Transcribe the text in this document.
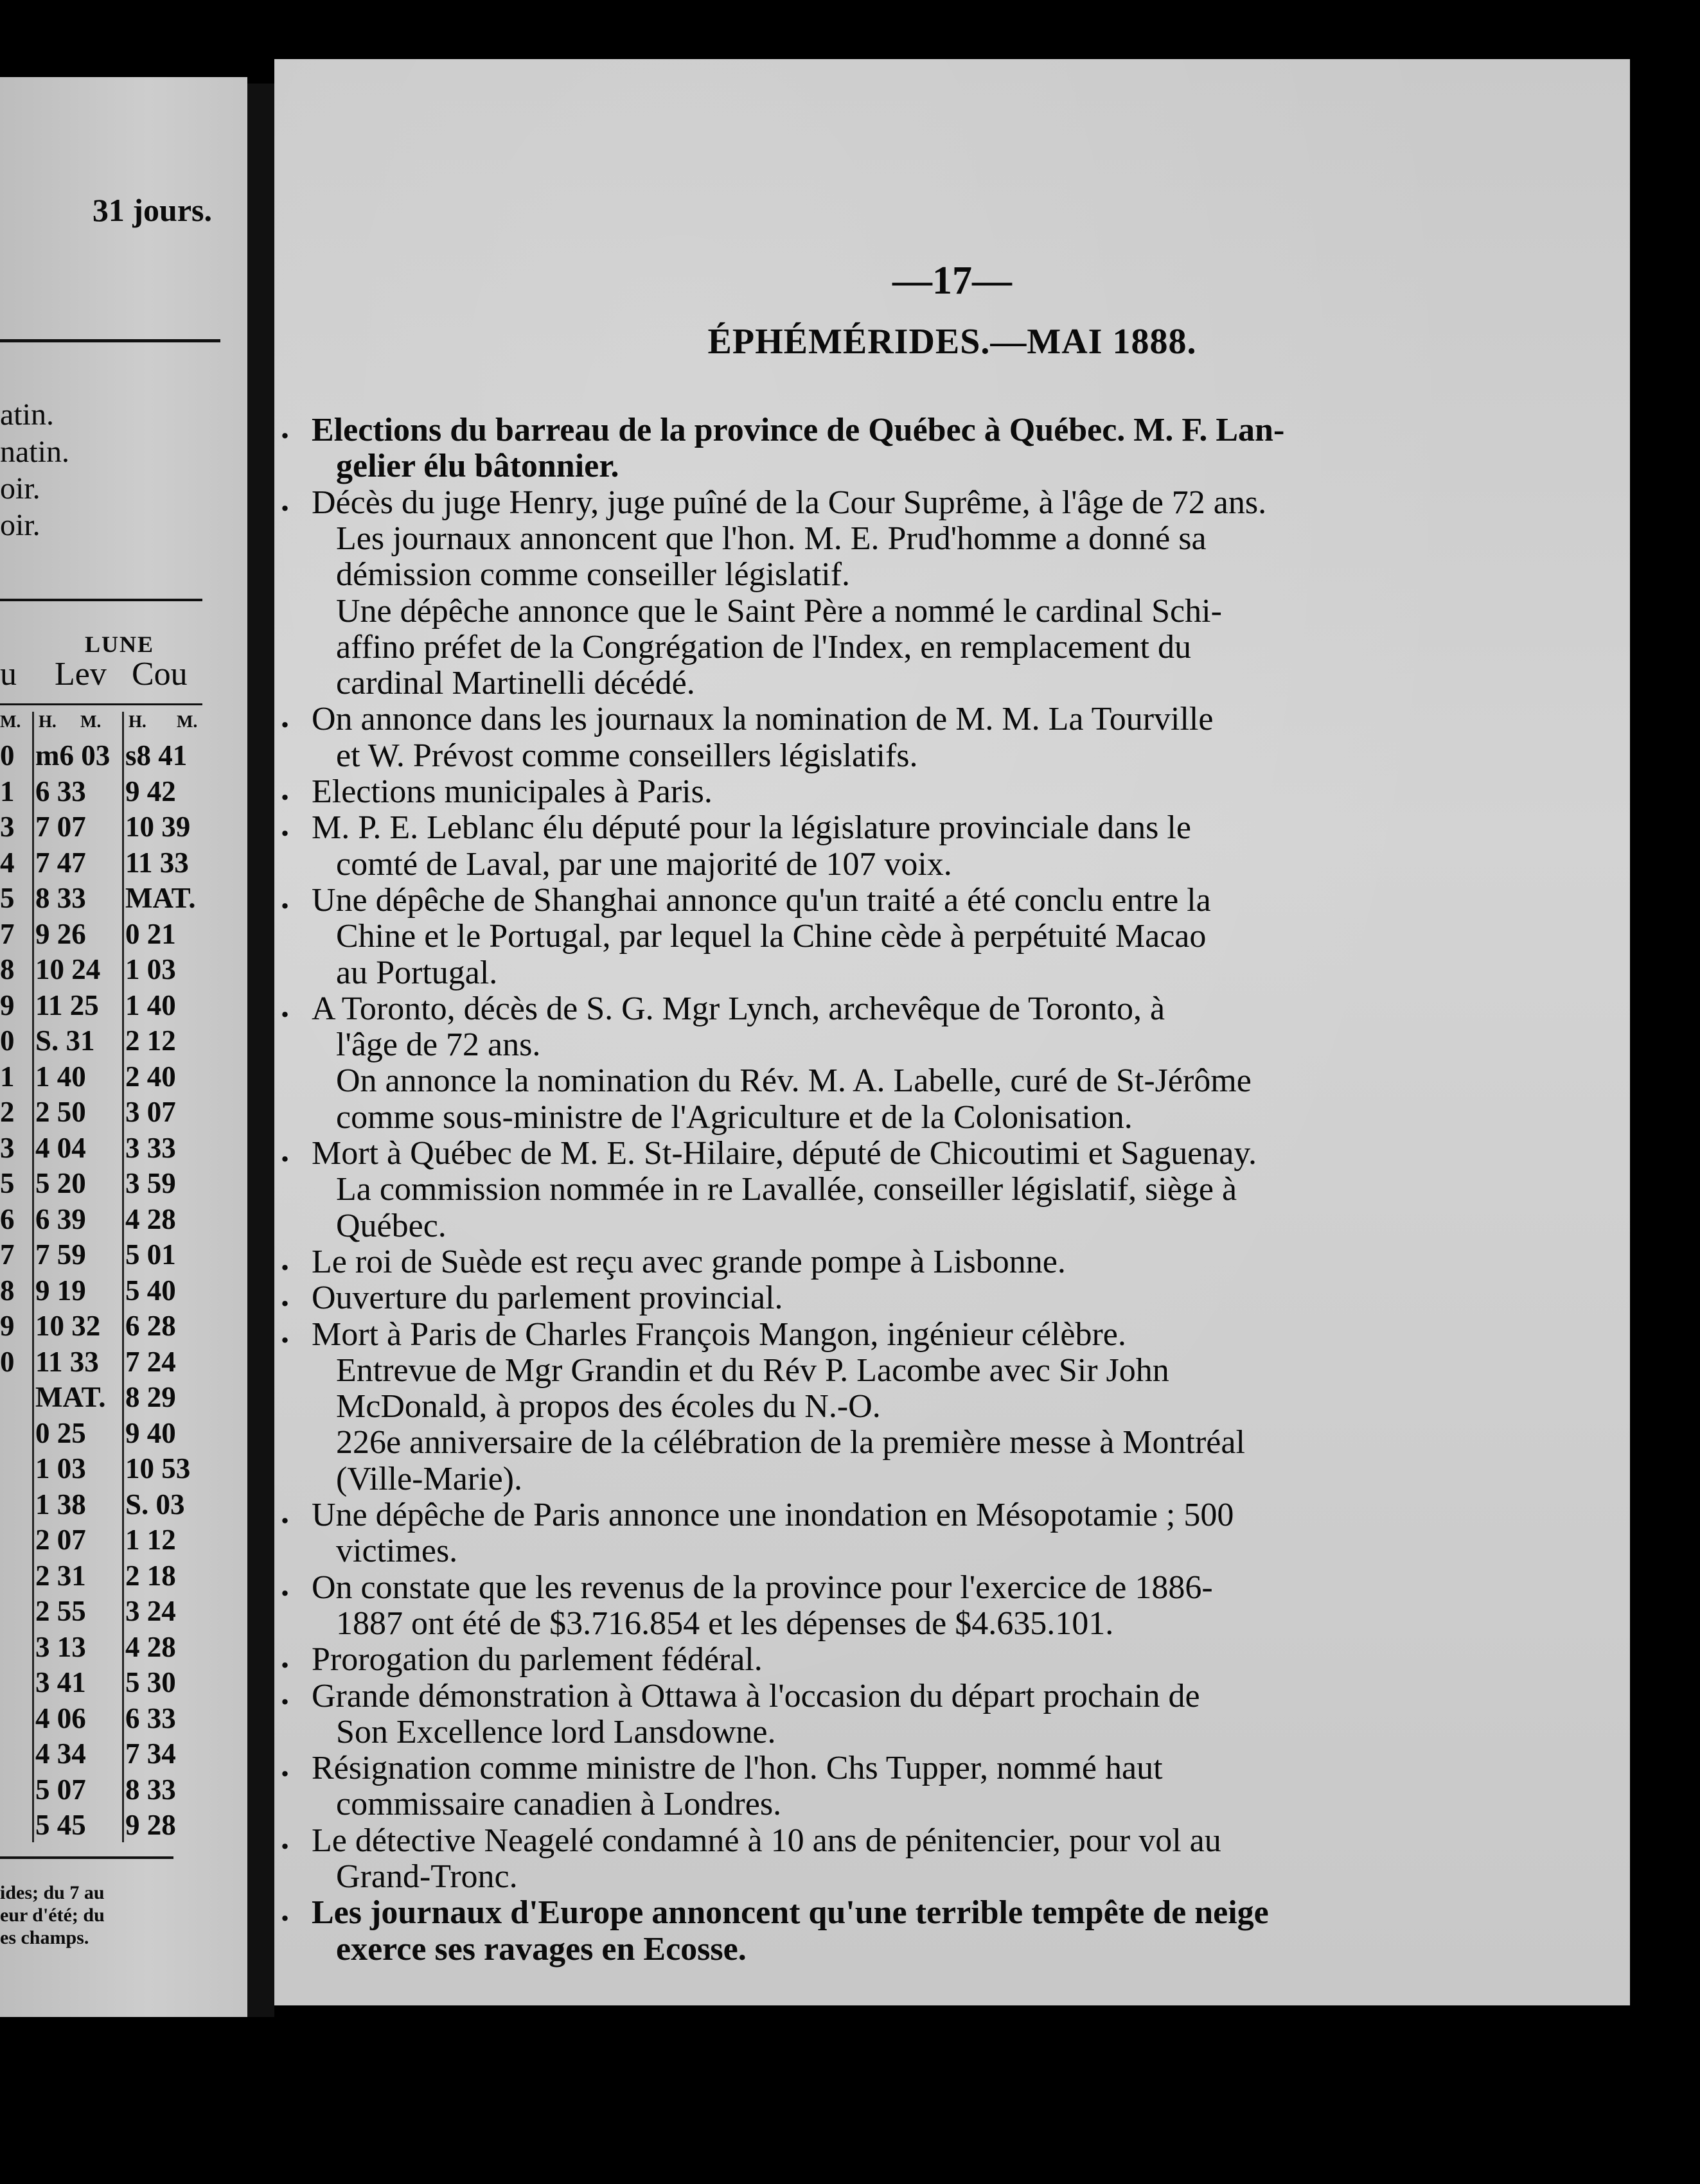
31 jours.
atin.
natin.
oir.
oir.
LUNE
u Lev Cou
M. H. M. H. M.
0 m6 03 s8 41
1 6 33 9 42
3 7 07 10 39
4 7 47 11 33
5 8 33 MAT.
7 9 26 0 21
8 10 24 1 03
9 11 25 1 40
0 S. 31 2 12
1 1 40 2 40
2 2 50 3 07
3 4 04 3 33
5 5 20 3 59
6 6 39 4 28
7 7 59 5 01
8 9 19 5 40
9 10 32 6 28
0 11 33 7 24
MAT. 8 29
0 25 9 40
1 03 10 53
1 38 S. 03
2 07 1 12
2 31 2 18
2 55 3 24
3 13 4 28
3 41 5 30
4 06 6 33
4 34 7 34
5 07 8 33
5 45 9 28
ides; du 7 au
eur d'été; du
es champs.
—17—
ÉPHÉMÉRIDES.—MAI 1888.
. Elections du barreau de la province de Québec à Québec. M. F. Lan-
gelier élu bâtonnier.
. Décès du juge Henry, juge puîné de la Cour Suprême, à l'âge de 72 ans.
Les journaux annoncent que l'hon. M. E. Prud'homme a donné sa
démission comme conseiller législatif.
Une dépêche annonce que le Saint Père a nommé le cardinal Schi-
affino préfet de la Congrégation de l'Index, en remplacement du
cardinal Martinelli décédé.
. On annonce dans les journaux la nomination de M. M. La Tourville
et W. Prévost comme conseillers législatifs.
. Elections municipales à Paris.
. M. P. E. Leblanc élu député pour la législature provinciale dans le
comté de Laval, par une majorité de 107 voix.
. Une dépêche de Shanghai annonce qu'un traité a été conclu entre la
Chine et le Portugal, par lequel la Chine cède à perpétuité Macao
au Portugal.
. A Toronto, décès de S. G. Mgr Lynch, archevêque de Toronto, à
l'âge de 72 ans.
On annonce la nomination du Rév. M. A. Labelle, curé de St-Jérôme
comme sous-ministre de l'Agriculture et de la Colonisation.
. Mort à Québec de M. E. St-Hilaire, député de Chicoutimi et Saguenay.
La commission nommée in re Lavallée, conseiller législatif, siège à
Québec.
. Le roi de Suède est reçu avec grande pompe à Lisbonne.
. Ouverture du parlement provincial.
. Mort à Paris de Charles François Mangon, ingénieur célèbre.
Entrevue de Mgr Grandin et du Rév P. Lacombe avec Sir John
McDonald, à propos des écoles du N.-O.
226e anniversaire de la célébration de la première messe à Montréal
(Ville-Marie).
. Une dépêche de Paris annonce une inondation en Mésopotamie ; 500
victimes.
. On constate que les revenus de la province pour l'exercice de 1886-
1887 ont été de $3.716.854 et les dépenses de $4.635.101.
. Prorogation du parlement fédéral.
. Grande démonstration à Ottawa à l'occasion du départ prochain de
Son Excellence lord Lansdowne.
. Résignation comme ministre de l'hon. Chs Tupper, nommé haut
commissaire canadien à Londres.
. Le détective Neagelé condamné à 10 ans de pénitencier, pour vol au
Grand-Tronc.
. Les journaux d'Europe annoncent qu'une terrible tempête de neige
exerce ses ravages en Ecosse.
